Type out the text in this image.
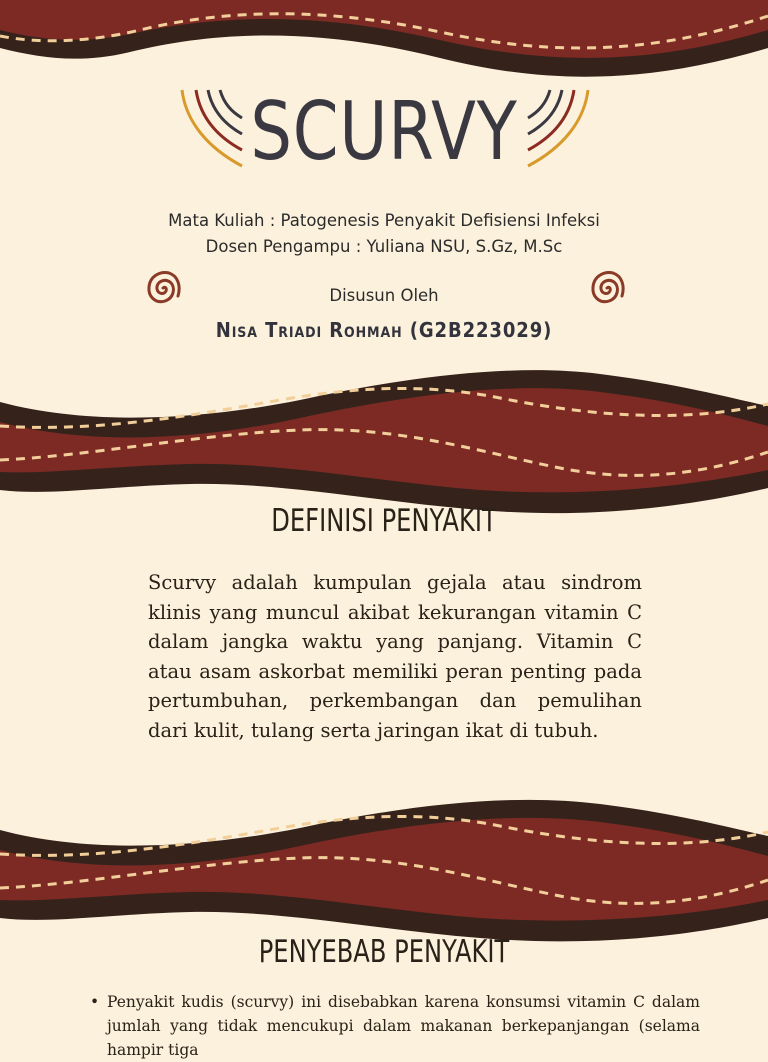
SCURVY
Mata Kuliah : Patogenesis Penyakit Defisiensi Infeksi
Dosen Pengampu : Yuliana NSU, S.Gz, M.Sc
Disusun Oleh
Nisa Triadi Rohmah (G2B223029)
DEFINISI PENYAKIT
Scurvy adalah kumpulan gejala atau sindrom klinis yang muncul akibat kekurangan vitamin C dalam jangka waktu yang panjang. Vitamin C atau asam askorbat memiliki peran penting pada pertumbuhan, perkembangan dan pemulihan dari kulit, tulang serta jaringan ikat di tubuh.
PENYEBAB PENYAKIT
• Penyakit kudis (scurvy) ini disebabkan karena konsumsi vitamin C dalam jumlah yang tidak mencukupi dalam makanan berkepanjangan (selama hampir tiga
